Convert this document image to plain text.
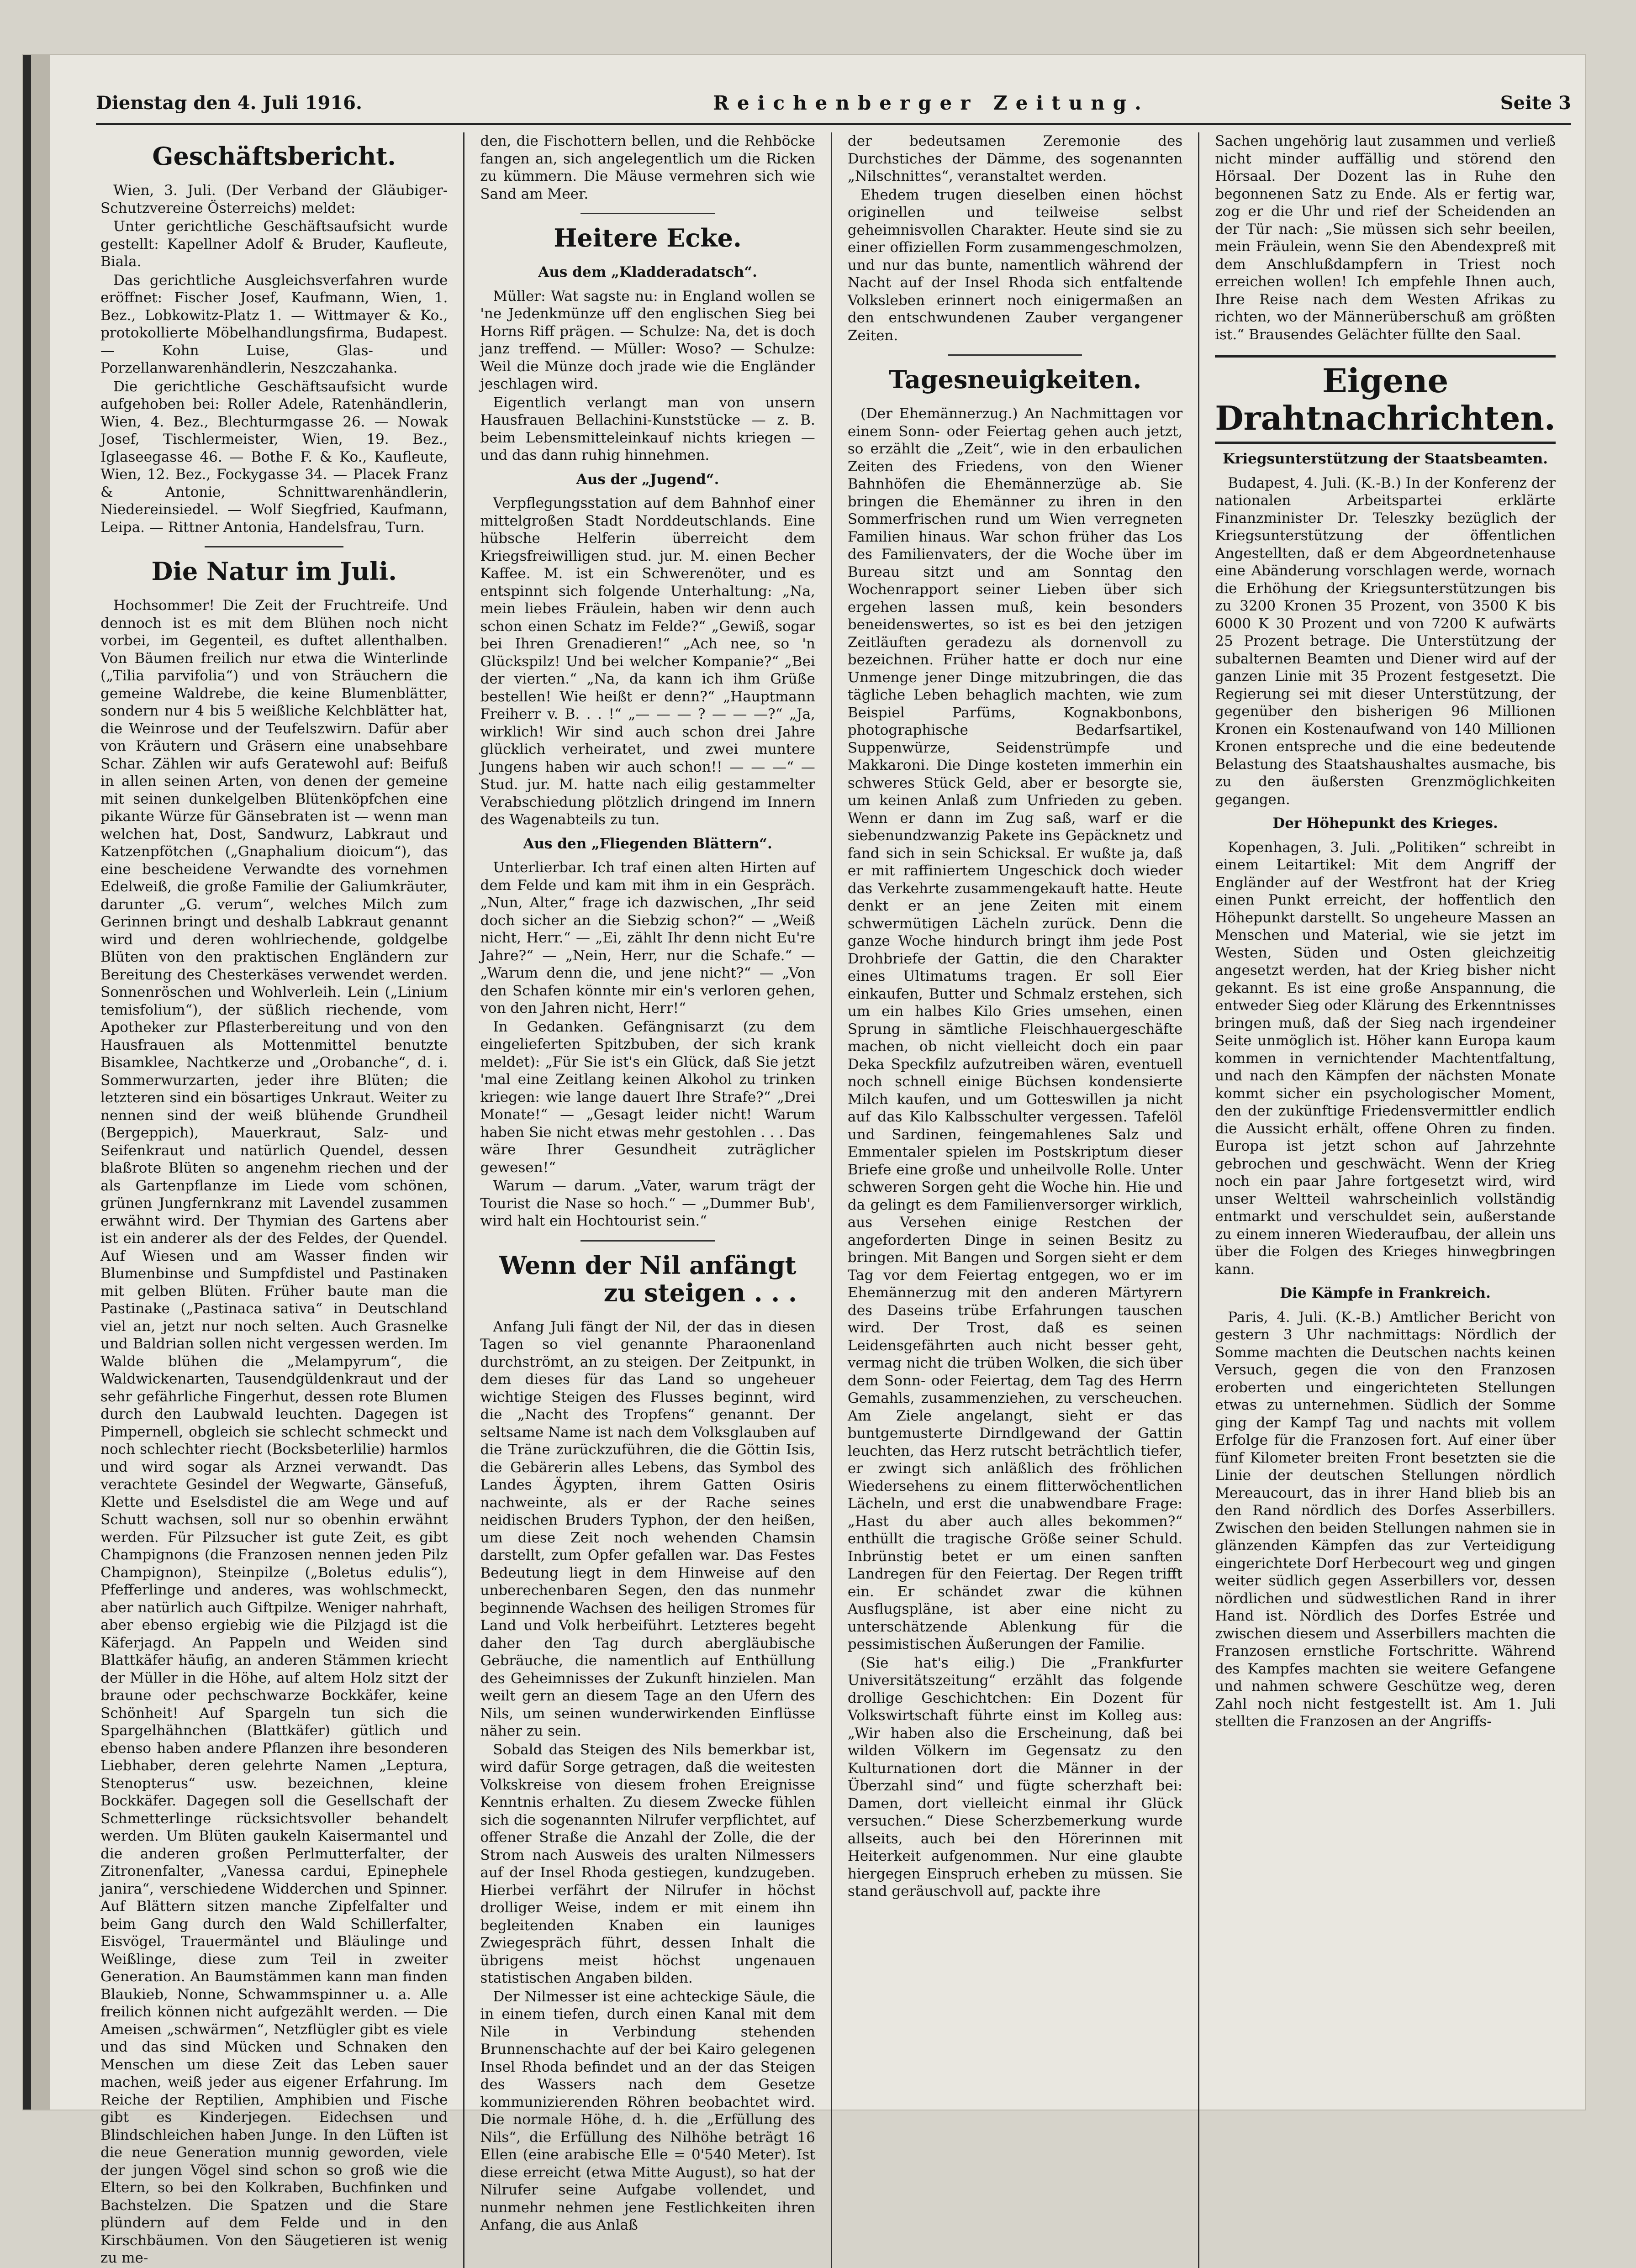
Dienstag den 4. Juli 1916.	Reichenberger Zeitung.	Seite 3
Geschäftsbericht.

Wien, 3. Juli. (Der Verband der Gläubiger-Schutzvereine Österreichs) meldet:

Unter gerichtliche Geschäftsaufsicht wurde gestellt: Kapellner Adolf & Bruder, Kaufleute, Biala.

Das gerichtliche Ausgleichsverfahren wurde eröffnet: Fischer Josef, Kaufmann, Wien, 1. Bez., Lobkowitz-Platz 1. — Wittmayer & Ko., protokollierte Möbelhandlungsfirma, Budapest. — Kohn Luise, Glas- und Porzellanwarenhändlerin, Neszczahanka.

Die gerichtliche Geschäftsaufsicht wurde aufgehoben bei: Roller Adele, Ratenhändlerin, Wien, 4. Bez., Blechturmgasse 26. — Nowak Josef, Tischlermeister, Wien, 19. Bez., Iglaseegasse 46. — Bothe F. & Ko., Kaufleute, Wien, 12. Bez., Fockygasse 34. — Placek Franz & Antonie, Schnittwarenhändlerin, Niedereinsiedel. — Wolf Siegfried, Kaufmann, Leipa. — Rittner Antonia, Handelsfrau, Turn.

Die Natur im Juli.

Hochsommer! Die Zeit der Fruchtreife. Und dennoch ist es mit dem Blühen noch nicht vorbei, im Gegenteil, es duftet allenthalben. Von Bäumen freilich nur etwa die Winterlinde („Tilia parvifolia“) und von Sträuchern die gemeine Waldrebe, die keine Blumenblätter, sondern nur 4 bis 5 weißliche Kelchblätter hat, die Weinrose und der Teufelszwirn. Dafür aber von Kräutern und Gräsern eine unabsehbare Schar. Zählen wir aufs Geratewohl auf: Beifuß in allen seinen Arten, von denen der gemeine mit seinen dunkelgelben Blütenköpfchen eine pikante Würze für Gänsebraten ist — wenn man welchen hat, Dost, Sandwurz, Labkraut und Katzenpfötchen („Gnaphalium dioicum“), das eine bescheidene Verwandte des vornehmen Edelweiß, die große Familie der Galiumkräuter, darunter „G. verum“, welches Milch zum Gerinnen bringt und deshalb Labkraut genannt wird und deren wohlriechende, goldgelbe Blüten von den praktischen Engländern zur Bereitung des Chesterkäses verwendet werden. Sonnenröschen und Wohlverleih. Lein („Linium temisfolium“), der süßlich riechende, vom Apotheker zur Pflasterbereitung und von den Hausfrauen als Mottenmittel benutzte Bisamklee, Nachtkerze und „Orobanche“, d. i. Sommerwurzarten, jeder ihre Blüten; die letzteren sind ein bösartiges Unkraut. Weiter zu nennen sind der weiß blühende Grundheil (Bergeppich), Mauerkraut, Salz- und Seifenkraut und natürlich Quendel, dessen blaßrote Blüten so angenehm riechen und der als Gartenpflanze im Liede vom schönen, grünen Jungfernkranz mit Lavendel zusammen erwähnt wird. Der Thymian des Gartens aber ist ein anderer als der des Feldes, der Quendel. Auf Wiesen und am Wasser finden wir Blumenbinse und Sumpfdistel und Pastinaken mit gelben Blüten. Früher baute man die Pastinake („Pastinaca sativa“ in Deutschland viel an, jetzt nur noch selten. Auch Grasnelke und Baldrian sollen nicht vergessen werden. Im Walde blühen die „Melampyrum“, die Waldwickenarten, Tausendgüldenkraut und der sehr gefährliche Fingerhut, dessen rote Blumen durch den Laubwald leuchten. Dagegen ist Pimpernell, obgleich sie schlecht schmeckt und noch schlechter riecht (Bocksbeterlilie) harmlos und wird sogar als Arznei verwandt. Das verachtete Gesindel der Wegwarte, Gänsefuß, Klette und Eselsdistel die am Wege und auf Schutt wachsen, soll nur so obenhin erwähnt werden. Für Pilzsucher ist gute Zeit, es gibt Champignons (die Franzosen nennen jeden Pilz Champignon), Steinpilze („Boletus edulis“), Pfefferlinge und anderes, was wohlschmeckt, aber natürlich auch Giftpilze. Weniger nahrhaft, aber ebenso ergiebig wie die Pilzjagd ist die Käferjagd. An Pappeln und Weiden sind Blattkäfer häufig, an anderen Stämmen kriecht der Müller in die Höhe, auf altem Holz sitzt der braune oder pechschwarze Bockkäfer, keine Schönheit! Auf Spargeln tun sich die Spargelhähnchen (Blattkäfer) gütlich und ebenso haben andere Pflanzen ihre besonderen Liebhaber, deren gelehrte Namen „Leptura, Stenopterus“ usw. bezeichnen, kleine Bockkäfer. Dagegen soll die Gesellschaft der Schmetterlinge rücksichtsvoller behandelt werden. Um Blüten gaukeln Kaisermantel und die anderen großen Perlmutterfalter, der Zitronenfalter, „Vanessa cardui, Epinephele janira“, verschiedene Widderchen und Spinner. Auf Blättern sitzen manche Zipfelfalter und beim Gang durch den Wald Schillerfalter, Eisvögel, Trauermäntel und Bläulinge und Weißlinge, diese zum Teil in zweiter Generation. An Baumstämmen kann man finden Blaukieb, Nonne, Schwammspinner u. a. Alle freilich können nicht aufgezählt werden. — Die Ameisen „schwärmen“, Netzflügler gibt es viele und das sind Mücken und Schnaken den Menschen um diese Zeit das Leben sauer machen, weiß jeder aus eigener Erfahrung. Im Reiche der Reptilien, Amphibien und Fische gibt es Kinderjegen. Eidechsen und Blindschleichen haben Junge. In den Lüften ist die neue Generation munnig geworden, viele der jungen Vögel sind schon so groß wie die Eltern, so bei den Kolkraben, Buchfinken und Bachstelzen. Die Spatzen und die Stare plündern auf dem Felde und in den Kirschbäumen. Von den Säugetieren ist wenig zu me-

den, die Fischottern bellen, und die Rehböcke fangen an, sich angelegentlich um die Ricken zu kümmern. Die Mäuse vermehren sich wie Sand am Meer.

Heitere Ecke.
Aus dem „Kladderadatsch“.

Müller: Wat sagste nu: in England wollen se 'ne Jedenkmünze uff den englischen Sieg bei Horns Riff prägen. — Schulze: Na, det is doch janz treffend. — Müller: Woso? — Schulze: Weil die Münze doch jrade wie die Engländer jeschlagen wird.

Eigentlich verlangt man von unsern Hausfrauen Bellachini-Kunststücke — z. B. beim Lebensmitteleinkauf nichts kriegen — und das dann ruhig hinnehmen.

Aus der „Jugend“.

Verpflegungsstation auf dem Bahnhof einer mittelgroßen Stadt Norddeutschlands. Eine hübsche Helferin überreicht dem Kriegsfreiwilligen stud. jur. M. einen Becher Kaffee. M. ist ein Schwerenöter, und es entspinnt sich folgende Unterhaltung: „Na, mein liebes Fräulein, haben wir denn auch schon einen Schatz im Felde?“ „Gewiß, sogar bei Ihren Grenadieren!“ „Ach nee, so 'n Glückspilz! Und bei welcher Kompanie?“ „Bei der vierten.“ „Na, da kann ich ihm Grüße bestellen! Wie heißt er denn?“ „Hauptmann Freiherr v. B. . . !“ „— — — ? — — —?“ „Ja, wirklich! Wir sind auch schon drei Jahre glücklich verheiratet, und zwei muntere Jungens haben wir auch schon!! — — —“ — Stud. jur. M. hatte nach eilig gestammelter Verabschiedung plötzlich dringend im Innern des Wagenabteils zu tun.

Aus den „Fliegenden Blättern“.

Unterlierbar. Ich traf einen alten Hirten auf dem Felde und kam mit ihm in ein Gespräch. „Nun, Alter,“ frage ich dazwischen, „Ihr seid doch sicher an die Siebzig schon?“ — „Weiß nicht, Herr.“ — „Ei, zählt Ihr denn nicht Eu're Jahre?“ — „Nein, Herr, nur die Schafe.“ — „Warum denn die, und jene nicht?“ — „Von den Schafen könnte mir ein's verloren gehen, von den Jahren nicht, Herr!“

In Gedanken. Gefängnisarzt (zu dem eingelieferten Spitzbuben, der sich krank meldet): „Für Sie ist's ein Glück, daß Sie jetzt 'mal eine Zeitlang keinen Alkohol zu trinken kriegen: wie lange dauert Ihre Strafe?“ „Drei Monate!“ — „Gesagt leider nicht! Warum haben Sie nicht etwas mehr gestohlen . . . Das wäre Ihrer Gesundheit zuträglicher gewesen!“

Warum — darum. „Vater, warum trägt der Tourist die Nase so hoch.“ — „Dummer Bub', wird halt ein Hochtourist sein.“

Wenn der Nil anfängt
zu steigen . . .

Anfang Juli fängt der Nil, der das in diesen Tagen so viel genannte Pharaonenland durchströmt, an zu steigen. Der Zeitpunkt, in dem dieses für das Land so ungeheuer wichtige Steigen des Flusses beginnt, wird die „Nacht des Tropfens“ genannt. Der seltsame Name ist nach dem Volksglauben auf die Träne zurückzuführen, die die Göttin Isis, die Gebärerin alles Lebens, das Symbol des Landes Ägypten, ihrem Gatten Osiris nachweinte, als er der Rache seines neidischen Bruders Typhon, der den heißen, um diese Zeit noch wehenden Chamsin darstellt, zum Opfer gefallen war. Das Festes Bedeutung liegt in dem Hinweise auf den unberechenbaren Segen, den das nunmehr beginnende Wachsen des heiligen Stromes für Land und Volk herbeiführt. Letzteres begeht daher den Tag durch abergläubische Gebräuche, die namentlich auf Enthüllung des Geheimnisses der Zukunft hinzielen. Man weilt gern an diesem Tage an den Ufern des Nils, um seinen wunderwirkenden Einflüsse näher zu sein.

Sobald das Steigen des Nils bemerkbar ist, wird dafür Sorge getragen, daß die weitesten Volkskreise von diesem frohen Ereignisse Kenntnis erhalten. Zu diesem Zwecke fühlen sich die sogenannten Nilrufer verpflichtet, auf offener Straße die Anzahl der Zolle, die der Strom nach Ausweis des uralten Nilmessers auf der Insel Rhoda gestiegen, kundzugeben. Hierbei verfährt der Nilrufer in höchst drolliger Weise, indem er mit einem ihn begleitenden Knaben ein launiges Zwiegespräch führt, dessen Inhalt die übrigens meist höchst ungenauen statistischen Angaben bilden.

Der Nilmesser ist eine achteckige Säule, die in einem tiefen, durch einen Kanal mit dem Nile in Verbindung stehenden Brunnenschachte auf der bei Kairo gelegenen Insel Rhoda befindet und an der das Steigen des Wassers nach dem Gesetze kommunizierenden Röhren beobachtet wird. Die normale Höhe, d. h. die „Erfüllung des Nils“, die Erfüllung des Nilhöhe beträgt 16 Ellen (eine arabische Elle = 0'540 Meter). Ist diese erreicht (etwa Mitte August), so hat der Nilrufer seine Aufgabe vollendet, und nunmehr nehmen jene Festlichkeiten ihren Anfang, die aus Anlaß

der bedeutsamen Zeremonie des Durchstiches der Dämme, des sogenannten „Nilschnittes“, veranstaltet werden.

Ehedem trugen dieselben einen höchst originellen und teilweise selbst geheimnisvollen Charakter. Heute sind sie zu einer offiziellen Form zusammengeschmolzen, und nur das bunte, namentlich während der Nacht auf der Insel Rhoda sich entfaltende Volksleben erinnert noch einigermaßen an den entschwundenen Zauber vergangener Zeiten.

Tagesneuigkeiten.

(Der Ehemännerzug.) An Nachmittagen vor einem Sonn- oder Feiertag gehen auch jetzt, so erzählt die „Zeit“, wie in den erbaulichen Zeiten des Friedens, von den Wiener Bahnhöfen die Ehemännerzüge ab. Sie bringen die Ehemänner zu ihren in den Sommerfrischen rund um Wien verregneten Familien hinaus. War schon früher das Los des Familienvaters, der die Woche über im Bureau sitzt und am Sonntag den Wochenrapport seiner Lieben über sich ergehen lassen muß, kein besonders beneidenswertes, so ist es bei den jetzigen Zeitläuften geradezu als dornenvoll zu bezeichnen. Früher hatte er doch nur eine Unmenge jener Dinge mitzubringen, die das tägliche Leben behaglich machten, wie zum Beispiel Parfüms, Kognakbonbons, photographische Bedarfsartikel, Suppenwürze, Seidenstrümpfe und Makkaroni. Die Dinge kosteten immerhin ein schweres Stück Geld, aber er besorgte sie, um keinen Anlaß zum Unfrieden zu geben. Wenn er dann im Zug saß, warf er die siebenundzwanzig Pakete ins Gepäcknetz und fand sich in sein Schicksal. Er wußte ja, daß er mit raffiniertem Ungeschick doch wieder das Verkehrte zusammengekauft hatte. Heute denkt er an jene Zeiten mit einem schwermütigen Lächeln zurück. Denn die ganze Woche hindurch bringt ihm jede Post Drohbriefe der Gattin, die den Charakter eines Ultimatums tragen. Er soll Eier einkaufen, Butter und Schmalz erstehen, sich um ein halbes Kilo Gries umsehen, einen Sprung in sämtliche Fleischhauergeschäfte machen, ob nicht vielleicht doch ein paar Deka Speckfilz aufzutreiben wären, eventuell noch schnell einige Büchsen kondensierte Milch kaufen, und um Gotteswillen ja nicht auf das Kilo Kalbsschulter vergessen. Tafelöl und Sardinen, feingemahlenes Salz und Emmentaler spielen im Postskriptum dieser Briefe eine große und unheilvolle Rolle. Unter schweren Sorgen geht die Woche hin. Hie und da gelingt es dem Familienversorger wirklich, aus Versehen einige Restchen der angeforderten Dinge in seinen Besitz zu bringen. Mit Bangen und Sorgen sieht er dem Tag vor dem Feiertag entgegen, wo er im Ehemännerzug mit den anderen Märtyrern des Daseins trübe Erfahrungen tauschen wird. Der Trost, daß es seinen Leidensgefährten auch nicht besser geht, vermag nicht die trüben Wolken, die sich über dem Sonn- oder Feiertag, dem Tag des Herrn Gemahls, zusammenziehen, zu verscheuchen. Am Ziele angelangt, sieht er das buntgemusterte Dirndlgewand der Gattin leuchten, das Herz rutscht beträchtlich tiefer, er zwingt sich anläßlich des fröhlichen Wiedersehens zu einem flitterwöchentlichen Lächeln, und erst die unabwendbare Frage: „Hast du aber auch alles bekommen?“ enthüllt die tragische Größe seiner Schuld. Inbrünstig betet er um einen sanften Landregen für den Feiertag. Der Regen trifft ein. Er schändet zwar die kühnen Ausflugspläne, ist aber eine nicht zu unterschätzende Ablenkung für die pessimistischen Äußerungen der Familie.

(Sie hat's eilig.) Die „Frankfurter Universitätszeitung“ erzählt das folgende drollige Geschichtchen: Ein Dozent für Volkswirtschaft führte einst im Kolleg aus: „Wir haben also die Erscheinung, daß bei wilden Völkern im Gegensatz zu den Kulturnationen dort die Männer in der Überzahl sind“ und fügte scherzhaft bei: Damen, dort vielleicht einmal ihr Glück versuchen.“ Diese Scherzbemerkung wurde allseits, auch bei den Hörerinnen mit Heiterkeit aufgenommen. Nur eine glaubte hiergegen Einspruch erheben zu müssen. Sie stand geräuschvoll auf, packte ihre

Sachen ungehörig laut zusammen und verließ nicht minder auffällig und störend den Hörsaal. Der Dozent las in Ruhe den begonnenen Satz zu Ende. Als er fertig war, zog er die Uhr und rief der Scheidenden an der Tür nach: „Sie müssen sich sehr beeilen, mein Fräulein, wenn Sie den Abendexpreß mit dem Anschlußdampfern in Triest noch erreichen wollen! Ich empfehle Ihnen auch, Ihre Reise nach dem Westen Afrikas zu richten, wo der Männerüberschuß am größten ist.“ Brausendes Gelächter füllte den Saal.

Eigene Drahtnachrichten.
Kriegsunterstützung der Staatsbeamten.

Budapest, 4. Juli. (K.-B.) In der Konferenz der nationalen Arbeitspartei erklärte Finanzminister Dr. Teleszky bezüglich der Kriegsunterstützung der öffentlichen Angestellten, daß er dem Abgeordnetenhause eine Abänderung vorschlagen werde, wornach die Erhöhung der Kriegsunterstützungen bis zu 3200 Kronen 35 Prozent, von 3500 K bis 6000 K 30 Prozent und von 7200 K aufwärts 25 Prozent betrage. Die Unterstützung der subalternen Beamten und Diener wird auf der ganzen Linie mit 35 Prozent festgesetzt. Die Regierung sei mit dieser Unterstützung, der gegenüber den bisherigen 96 Millionen Kronen ein Kostenaufwand von 140 Millionen Kronen entspreche und die eine bedeutende Belastung des Staatshaushaltes ausmache, bis zu den äußersten Grenzmöglichkeiten gegangen.

Der Höhepunkt des Krieges.

Kopenhagen, 3. Juli. „Politiken“ schreibt in einem Leitartikel: Mit dem Angriff der Engländer auf der Westfront hat der Krieg einen Punkt erreicht, der hoffentlich den Höhepunkt darstellt. So ungeheure Massen an Menschen und Material, wie sie jetzt im Westen, Süden und Osten gleichzeitig angesetzt werden, hat der Krieg bisher nicht gekannt. Es ist eine große Anspannung, die entweder Sieg oder Klärung des Erkenntnisses bringen muß, daß der Sieg nach irgendeiner Seite unmöglich ist. Höher kann Europa kaum kommen in vernichtender Machtentfaltung, und nach den Kämpfen der nächsten Monate kommt sicher ein psychologischer Moment, den der zukünftige Friedensvermittler endlich die Aussicht erhält, offene Ohren zu finden. Europa ist jetzt schon auf Jahrzehnte gebrochen und geschwächt. Wenn der Krieg noch ein paar Jahre fortgesetzt wird, wird unser Weltteil wahrscheinlich vollständig entmarkt und verschuldet sein, außerstande zu einem inneren Wiederaufbau, der allein uns über die Folgen des Krieges hinwegbringen kann.

Die Kämpfe in Frankreich.

Paris, 4. Juli. (K.-B.) Amtlicher Bericht von gestern 3 Uhr nachmittags: Nördlich der Somme machten die Deutschen nachts keinen Versuch, gegen die von den Franzosen eroberten und eingerichteten Stellungen etwas zu unternehmen. Südlich der Somme ging der Kampf Tag und nachts mit vollem Erfolge für die Franzosen fort. Auf einer über fünf Kilometer breiten Front besetzten sie die Linie der deutschen Stellungen nördlich Mereaucourt, das in ihrer Hand blieb bis an den Rand nördlich des Dorfes Asserbillers. Zwischen den beiden Stellungen nahmen sie in glänzenden Kämpfen das zur Verteidigung eingerichtete Dorf Herbecourt weg und gingen weiter südlich gegen Asserbillers vor, dessen nördlichen und südwestlichen Rand in ihrer Hand ist. Nördlich des Dorfes Estrée und zwischen diesem und Asserbillers machten die Franzosen ernstliche Fortschritte. Während des Kampfes machten sie weitere Gefangene und nahmen schwere Geschütze weg, deren Zahl noch nicht festgestellt ist. Am 1. Juli stellten die Franzosen an der Angriffs-
